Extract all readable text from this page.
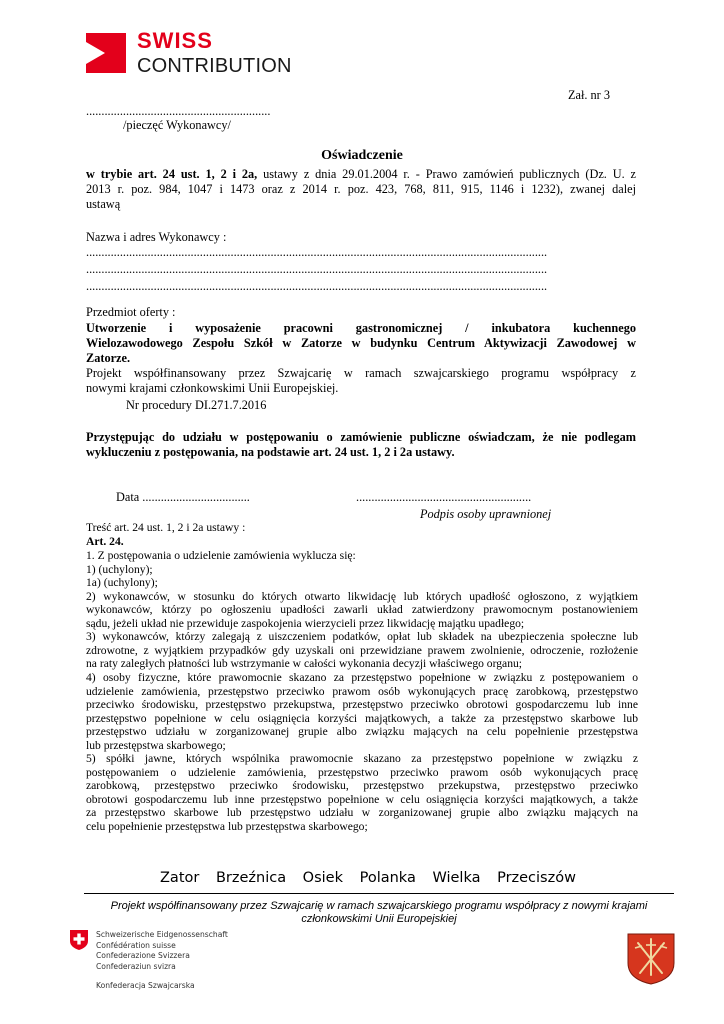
SWISS
CONTRIBUTION
Zał. nr 3
............................................................
/pieczęć Wykonawcy/
Oświadczenie
w trybie art. 24 ust. 1, 2 i 2a, ustawy z dnia 29.01.2004 r. - Prawo zamówień publicznych (Dz. U. z
2013 r. poz. 984, 1047 i 1473 oraz z 2014 r. poz. 423, 768, 811, 915, 1146 i 1232), zwanej dalej
ustawą
Nazwa i adres Wykonawcy :
......................................................................................................................................................
......................................................................................................................................................
......................................................................................................................................................
Przedmiot oferty :
Utworzenie i wyposażenie pracowni gastronomicznej / inkubatora kuchennego
Wielozawodowego Zespołu Szkół w Zatorze w budynku Centrum Aktywizacji Zawodowej w
Zatorze.
Projekt współfinansowany przez Szwajcarię w ramach szwajcarskiego programu współpracy z
nowymi krajami członkowskimi Unii Europejskiej.
Nr procedury DI.271.7.2016
Przystępując do udziału w postępowaniu o zamówienie publiczne oświadczam, że nie podlegam
wykluczeniu z postępowania, na podstawie art. 24 ust. 1, 2 i 2a ustawy.
Data ...................................	.........................................................
Podpis osoby uprawnionej
Treść art. 24 ust. 1, 2 i 2a ustawy :
Art. 24.
1. Z postępowania o udzielenie zamówienia wyklucza się:
1) (uchylony);
1a) (uchylony);
2) wykonawców, w stosunku do których otwarto likwidację lub których upadłość ogłoszono, z wyjątkiem
wykonawców, którzy po ogłoszeniu upadłości zawarli układ zatwierdzony prawomocnym postanowieniem
sądu, jeżeli układ nie przewiduje zaspokojenia wierzycieli przez likwidację majątku upadłego;
3) wykonawców, którzy zalegają z uiszczeniem podatków, opłat lub składek na ubezpieczenia społeczne lub
zdrowotne, z wyjątkiem przypadków gdy uzyskali oni przewidziane prawem zwolnienie, odroczenie, rozłożenie
na raty zaległych płatności lub wstrzymanie w całości wykonania decyzji właściwego organu;
4) osoby fizyczne, które prawomocnie skazano za przestępstwo popełnione w związku z postępowaniem o
udzielenie zamówienia, przestępstwo przeciwko prawom osób wykonujących pracę zarobkową, przestępstwo
przeciwko środowisku, przestępstwo przekupstwa, przestępstwo przeciwko obrotowi gospodarczemu lub inne
przestępstwo popełnione w celu osiągnięcia korzyści majątkowych, a także za przestępstwo skarbowe lub
przestępstwo udziału w zorganizowanej grupie albo związku mających na celu popełnienie przestępstwa
lub przestępstwa skarbowego;
5) spółki jawne, których wspólnika prawomocnie skazano za przestępstwo popełnione w związku z
postępowaniem o udzielenie zamówienia, przestępstwo przeciwko prawom osób wykonujących pracę
zarobkową, przestępstwo przeciwko środowisku, przestępstwo przekupstwa, przestępstwo przeciwko
obrotowi gospodarczemu lub inne przestępstwo popełnione w celu osiągnięcia korzyści majątkowych, a także
za przestępstwo skarbowe lub przestępstwo udziału w zorganizowanej grupie albo związku mających na
celu popełnienie przestępstwa lub przestępstwa skarbowego;
Zator Brzeźnica Osiek Polanka Wielka Przeciszów
Projekt współfinansowany przez Szwajcarię w ramach szwajcarskiego programu współpracy z nowymi krajami
członkowskimi Unii Europejskiej
Schweizerische Eidgenossenschaft
Confédération suisse
Confederazione Svizzera
Confederaziun svizra
Konfederacja Szwajcarska
